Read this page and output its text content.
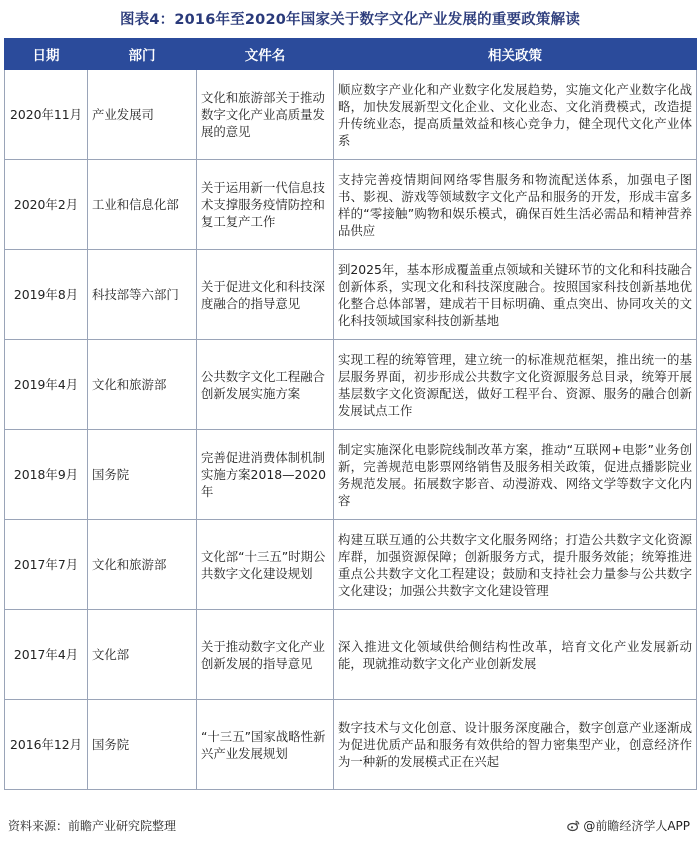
图表4：2016年至2020年国家关于数字文化产业发展的重要政策解读
日期	部门	文件名	相关政策
2020年11月	产业发展司	文化和旅游部关于推动数字文化产业高质量发展的意见	顺应数字产业化和产业数字化发展趋势，实施文化产业数字化战略，加快发展新型文化企业、文化业态、文化消费模式，改造提升传统业态，提高质量效益和核心竞争力，健全现代文化产业体系
2020年2月	工业和信息化部	关于运用新一代信息技术支撑服务疫情防控和复工复产工作	支持完善疫情期间网络零售服务和物流配送体系，加强电子图书、影视、游戏等领域数字文化产品和服务的开发，形成丰富多样的“零接触”购物和娱乐模式，确保百姓生活必需品和精神营养品供应
2019年8月	科技部等六部门	关于促进文化和科技深度融合的指导意见	到2025年，基本形成覆盖重点领域和关键环节的文化和科技融合创新体系，实现文化和科技深度融合。按照国家科技创新基地优化整合总体部署，建成若干目标明确、重点突出、协同攻关的文化科技领域国家科技创新基地
2019年4月	文化和旅游部	公共数字文化工程融合创新发展实施方案	实现工程的统筹管理，建立统一的标准规范框架，推出统一的基层服务界面，初步形成公共数字文化资源服务总目录，统筹开展基层数字文化资源配送，做好工程平台、资源、服务的融合创新发展试点工作
2018年9月	国务院	完善促进消费体制机制实施方案2018—2020年	制定实施深化电影院线制改革方案，推动“互联网+电影”业务创新，完善规范电影票网络销售及服务相关政策，促进点播影院业务规范发展。拓展数字影音、动漫游戏、网络文学等数字文化内容
2017年7月	文化和旅游部	文化部“十三五”时期公共数字文化建设规划	构建互联互通的公共数字文化服务网络；打造公共数字文化资源库群，加强资源保障；创新服务方式，提升服务效能；统筹推进重点公共数字文化工程建设；鼓励和支持社会力量参与公共数字文化建设；加强公共数字文化建设管理
2017年4月	文化部	关于推动数字文化产业创新发展的指导意见	深入推进文化领域供给侧结构性改革，培育文化产业发展新动能，现就推动数字文化产业创新发展
2016年12月	国务院	“十三五”国家战略性新兴产业发展规划	数字技术与文化创意、设计服务深度融合，数字创意产业逐渐成为促进优质产品和服务有效供给的智力密集型产业，创意经济作为一种新的发展模式正在兴起
资料来源：前瞻产业研究院整理	@前瞻经济学人APP
